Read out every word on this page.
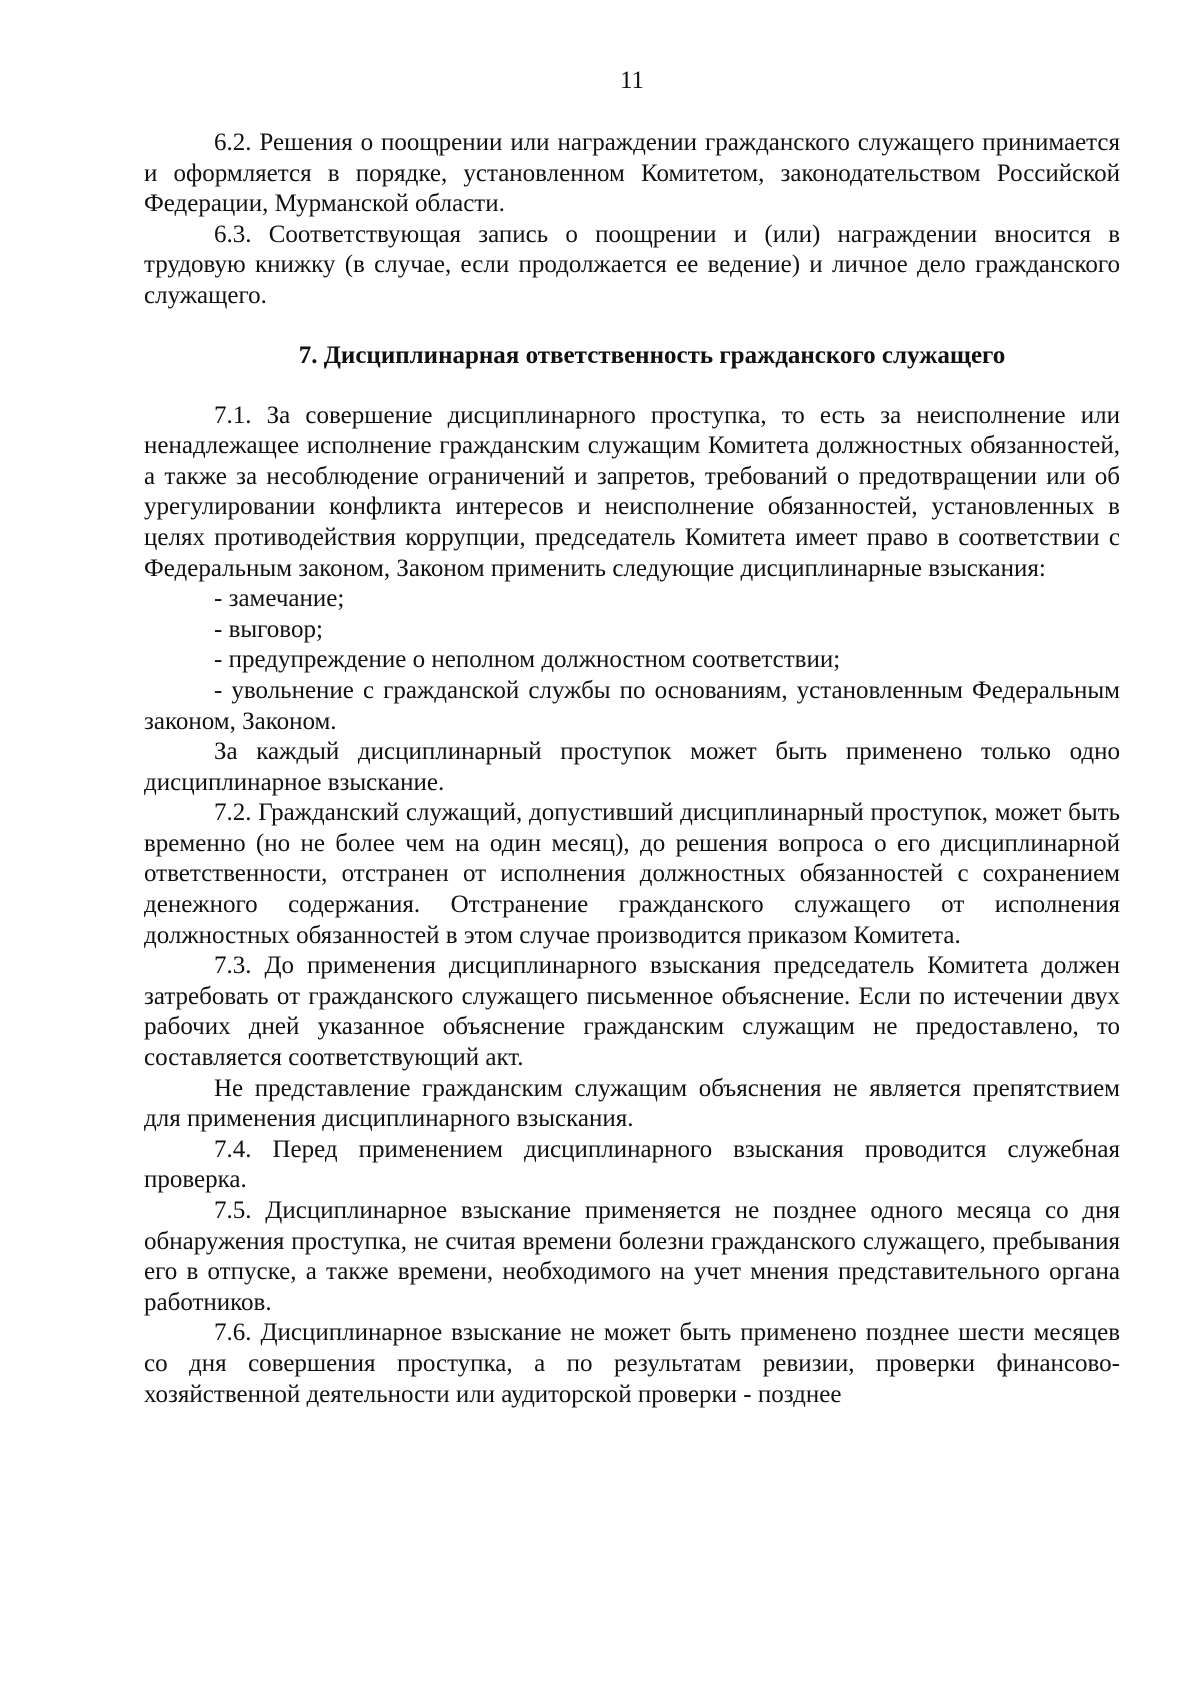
11

6.2. Решения о поощрении или награждении гражданского служащего принимается и оформляется в порядке, установленном Комитетом, законодательством Российской Федерации, Мурманской области.

6.3. Соответствующая запись о поощрении и (или) награждении вносится в трудовую книжку (в случае, если продолжается ее ведение) и личное дело гражданского служащего.

7. Дисциплинарная ответственность гражданского служащего

7.1. За совершение дисциплинарного проступка, то есть за неисполнение или ненадлежащее исполнение гражданским служащим Комитета должностных обязанностей, а также за несоблюдение ограничений и запретов, требований о предотвращении или об урегулировании конфликта интересов и неисполнение обязанностей, установленных в целях противодействия коррупции, председатель Комитета имеет право в соответствии с Федеральным законом, Законом применить следующие дисциплинарные взыскания:

- замечание;

- выговор;

- предупреждение о неполном должностном соответствии;

- увольнение с гражданской службы по основаниям, установленным Федеральным законом, Законом.

За каждый дисциплинарный проступок может быть применено только одно дисциплинарное взыскание.

7.2. Гражданский служащий, допустивший дисциплинарный проступок, может быть временно (но не более чем на один месяц), до решения вопроса о его дисциплинарной ответственности, отстранен от исполнения должностных обязанностей с сохранением денежного содержания. Отстранение гражданского служащего от исполнения должностных обязанностей в этом случае производится приказом Комитета.

7.3. До применения дисциплинарного взыскания председатель Комитета должен затребовать от гражданского служащего письменное объяснение. Если по истечении двух рабочих дней указанное объяснение гражданским служащим не предоставлено, то составляется соответствующий акт.

Не представление гражданским служащим объяснения не является препятствием для применения дисциплинарного взыскания.

7.4. Перед применением дисциплинарного взыскания проводится служебная проверка.

7.5. Дисциплинарное взыскание применяется не позднее одного месяца со дня обнаружения проступка, не считая времени болезни гражданского служащего, пребывания его в отпуске, а также времени, необходимого на учет мнения представительного органа работников.

7.6. Дисциплинарное взыскание не может быть применено позднее шести месяцев со дня совершения проступка, а по результатам ревизии, проверки финансово-хозяйственной деятельности или аудиторской проверки - позднее
